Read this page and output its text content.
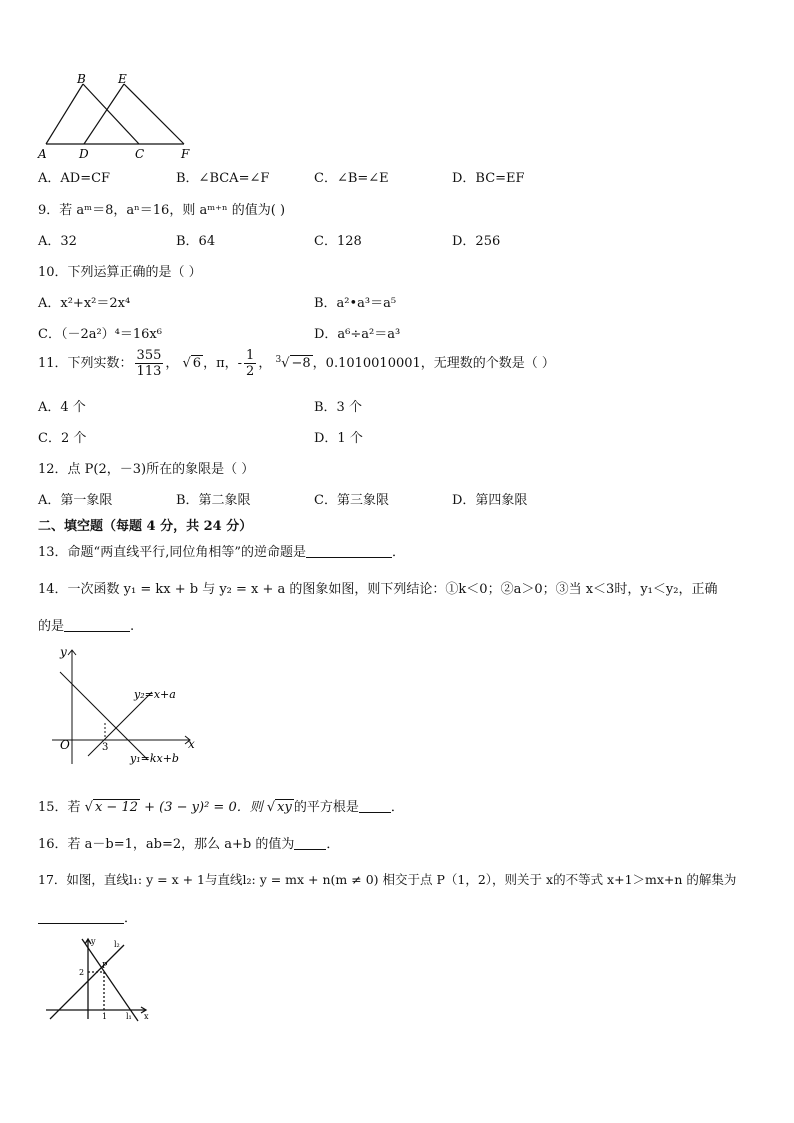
B	E
A	D	C	F
A．AD=CF	B．∠BCA=∠F	C．∠B=∠E	D．BC=EF
9．若 aᵐ＝8，aⁿ＝16，则 aᵐ⁺ⁿ 的值为( )
A．32	B．64	C．128	D．256
10．下列运算正确的是（ ）
A．x²+x²＝2x⁴	B．a²•a³＝a⁵
C．（－2a²）⁴＝16x⁶	D．a⁶÷a²＝a³
11．下列实数： $\frac{355}{113}$ ， √ 6 ，π，- $\frac{1}{2}$ ， $^3$√ −8 ，0.1010010001，无理数的个数是（ ）
A．4 个	B．3 个
C．2 个	D．1 个
12．点 P(2，－3)所在的象限是（ ）
A．第一象限	B．第二象限	C．第三象限	D．第四象限
二、填空题（每题 4 分，共 24 分）
13．命题“两直线平行,同位角相等”的逆命题是	．
14．一次函数 y₁ = kx + b 与 y₂ = x + a 的图象如图，则下列结论：①k＜0；②a＞0；③当 x＜3时，y₁＜y₂，正确
的是	.
y
x
O	3
y₂=x+a
y₁=kx+b
15．若 √ x − 12 + (3 − y)² = 0．则 √ xy 的平方根是 ．
16．若 a－b=1，ab=2，那么 a+b 的值为 ．
17．如图，直线l₁: y = x + 1与直线l₂: y = mx + n(m ≠ 0) 相交于点 P（1，2），则关于 x的不等式 x+1＞mx+n 的解集为
．
y
x
P
l₂
2
1 l₁
